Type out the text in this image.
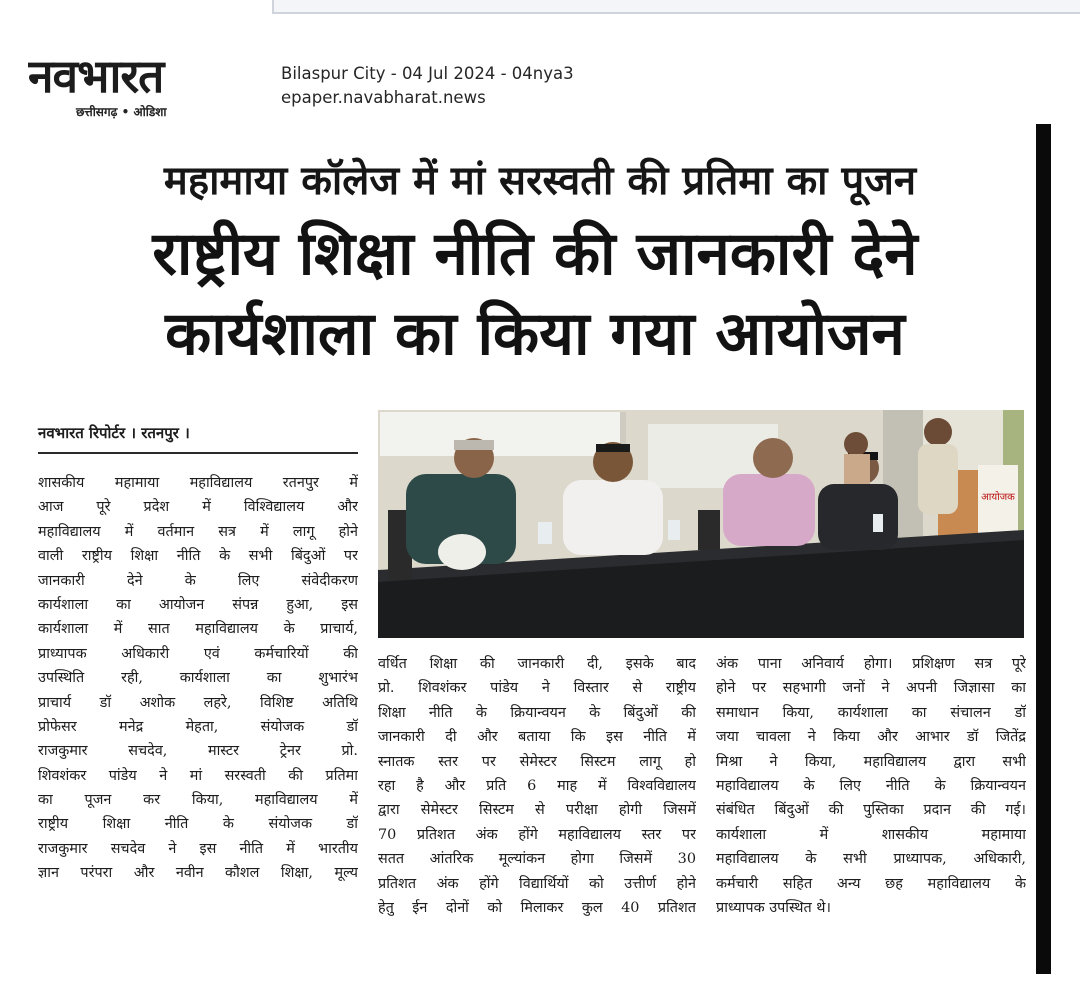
नवभारत
छत्तीसगढ़ • ओडिशा
Bilaspur City - 04 Jul 2024 - 04nya3
epaper.navabharat.news
महामाया कॉलेज में मां सरस्वती की प्रतिमा का पूजन
राष्ट्रीय शिक्षा नीति की जानकारी देने
कार्यशाला का किया गया आयोजन
नवभारत रिपोर्टर । रतनपुर ।
आयोजक
शासकीय महामाया महाविद्यालय रतनपुर में
आज पूरे प्रदेश में विश्विद्यालय और
महाविद्यालय में वर्तमान सत्र में लागू होने
वाली राष्ट्रीय शिक्षा नीति के सभी बिंदुओं पर
जानकारी देने के लिए संवेदीकरण
कार्यशाला का आयोजन संपन्न हुआ, इस
कार्यशाला में सात महाविद्यालय के प्राचार्य,
प्राध्यापक अधिकारी एवं कर्मचारियों की
उपस्थिति रही, कार्यशाला का शुभारंभ
प्राचार्य डॉ अशोक लहरे, विशिष्ट अतिथि
प्रोफेसर मनेद्र मेहता, संयोजक डॉ
राजकुमार सचदेव, मास्टर ट्रेनर प्रो.
शिवशंकर पांडेय ने मां सरस्वती की प्रतिमा
का पूजन कर किया, महाविद्यालय में
राष्ट्रीय शिक्षा नीति के संयोजक डॉ
राजकुमार सचदेव ने इस नीति में भारतीय
ज्ञान परंपरा और नवीन कौशल शिक्षा, मूल्य
वर्धित शिक्षा की जानकारी दी, इसके बाद
प्रो. शिवशंकर पांडेय ने विस्तार से राष्ट्रीय
शिक्षा नीति के क्रियान्वयन के बिंदुओं की
जानकारी दी और बताया कि इस नीति में
स्नातक स्तर पर सेमेस्टर सिस्टम लागू हो
रहा है और प्रति 6 माह में विश्वविद्यालय
द्वारा सेमेस्टर सिस्टम से परीक्षा होगी जिसमें
70 प्रतिशत अंक होंगे महाविद्यालय स्तर पर
सतत आंतरिक मूल्यांकन होगा जिसमें 30
प्रतिशत अंक होंगे विद्यार्थियों को उत्तीर्ण होने
हेतु ईन दोनों को मिलाकर कुल 40 प्रतिशत
अंक पाना अनिवार्य होगा। प्रशिक्षण सत्र पूरे
होने पर सहभागी जनों ने अपनी जिज्ञासा का
समाधान किया, कार्यशाला का संचालन डॉ
जया चावला ने किया और आभार डॉ जितेंद्र
मिश्रा ने किया, महाविद्यालय द्वारा सभी
महाविद्यालय के लिए नीति के क्रियान्वयन
संबंधित बिंदुओं की पुस्तिका प्रदान की गई।
कार्यशाला में शासकीय महामाया
महाविद्यालय के सभी प्राध्यापक, अधिकारी,
कर्मचारी सहित अन्य छह महाविद्यालय के
प्राध्यापक उपस्थित थे।
